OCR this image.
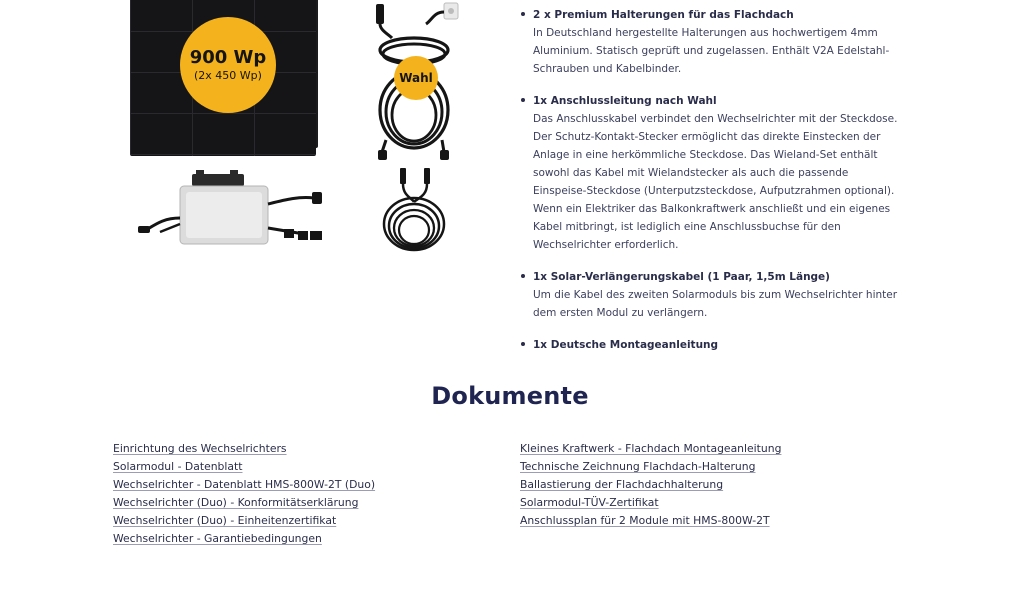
900 Wp
(2x 450 Wp)	Wahl
2 x Premium Halterungen für das Flachdach
In Deutschland hergestellte Halterungen aus hochwertigem 4mm
Aluminium. Statisch geprüft und zugelassen. Enthält V2A Edelstahl-
Schrauben und Kabelbinder.
1x Anschlussleitung nach Wahl
Das Anschlusskabel verbindet den Wechselrichter mit der Steckdose.
Der Schutz-Kontakt-Stecker ermöglicht das direkte Einstecken der
Anlage in eine herkömmliche Steckdose. Das Wieland-Set enthält
sowohl das Kabel mit Wielandstecker als auch die passende
Einspeise-Steckdose (Unterputzsteckdose, Aufputzrahmen optional).
Wenn ein Elektriker das Balkonkraftwerk anschließt und ein eigenes
Kabel mitbringt, ist lediglich eine Anschlussbuchse für den
Wechselrichter erforderlich.
1x Solar-Verlängerungskabel (1 Paar, 1,5m Länge)
Um die Kabel des zweiten Solarmoduls bis zum Wechselrichter hinter
dem ersten Modul zu verlängern.
1x Deutsche Montageanleitung
Dokumente
Einrichtung des Wechselrichters
Solarmodul - Datenblatt
Wechselrichter - Datenblatt HMS-800W-2T (Duo)
Wechselrichter (Duo) - Konformitätserklärung
Wechselrichter (Duo) - Einheitenzertifikat
Wechselrichter - Garantiebedingungen
Kleines Kraftwerk - Flachdach Montageanleitung
Technische Zeichnung Flachdach-Halterung
Ballastierung der Flachdachhalterung
Solarmodul-TÜV-Zertifikat
Anschlussplan für 2 Module mit HMS-800W-2T
